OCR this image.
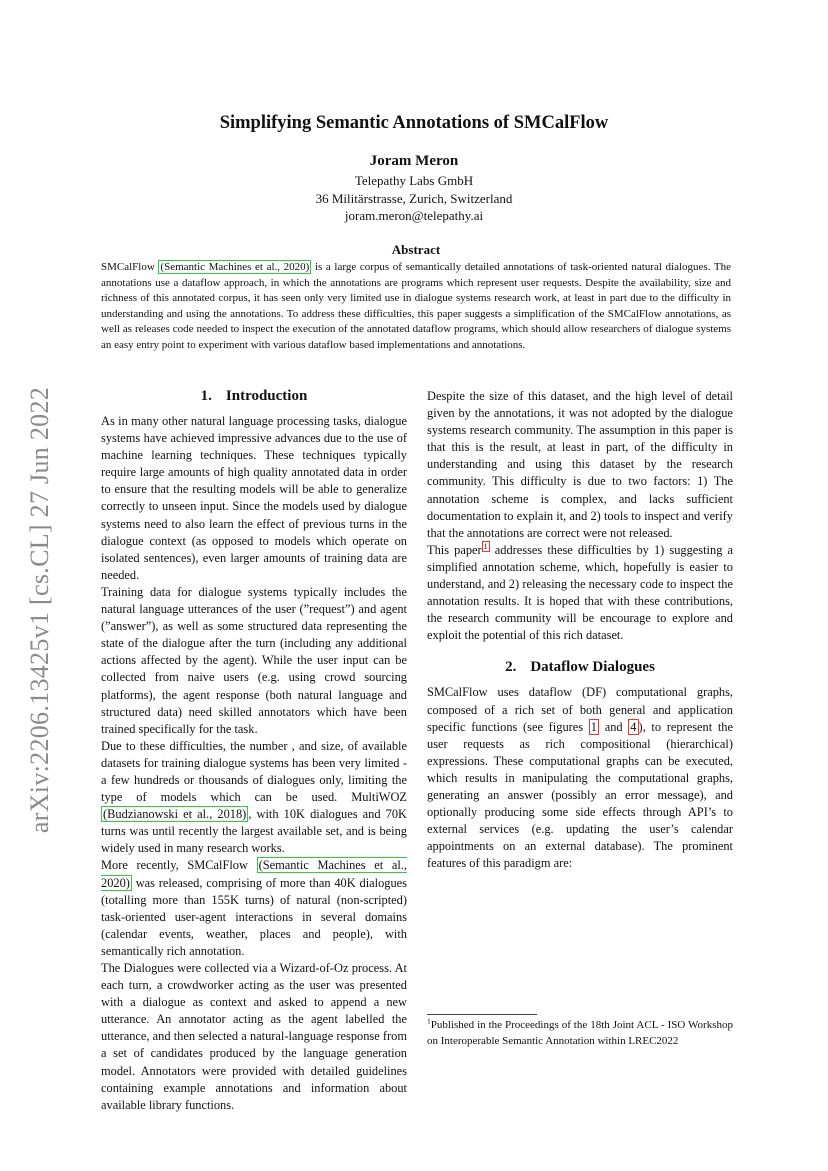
arXiv:2206.13425v1 [cs.CL] 27 Jun 2022
Simplifying Semantic Annotations of SMCalFlow
Joram Meron
Telepathy Labs GmbH
36 Militärstrasse, Zurich, Switzerland
joram.meron@telepathy.ai
Abstract

SMCalFlow (Semantic Machines et al., 2020) is a large corpus of semantically detailed annotations of task-oriented natural dialogues. The annotations use a dataflow approach, in which the annotations are programs which represent user requests. Despite the availability, size and richness of this annotated corpus, it has seen only very limited use in dialogue systems research work, at least in part due to the difficulty in understanding and using the annotations. To address these difficulties, this paper suggests a simplification of the SMCalFlow annotations, as well as releases code needed to inspect the execution of the annotated dataflow programs, which should allow researchers of dialogue systems an easy entry point to experiment with various dataflow based implementations and annotations.

1. Introduction

As in many other natural language processing tasks, dialogue systems have achieved impressive advances due to the use of machine learning techniques. These techniques typically require large amounts of high quality annotated data in order to ensure that the resulting models will be able to generalize correctly to unseen input. Since the models used by dialogue systems need to also learn the effect of previous turns in the dialogue context (as opposed to models which operate on isolated sentences), even larger amounts of training data are needed.

Training data for dialogue systems typically includes the natural language utterances of the user (”request”) and agent (”answer”), as well as some structured data representing the state of the dialogue after the turn (including any additional actions affected by the agent). While the user input can be collected from naive users (e.g. using crowd sourcing platforms), the agent response (both natural language and structured data) need skilled annotators which have been trained specifically for the task.

Due to these difficulties, the number , and size, of available datasets for training dialogue systems has been very limited - a few hundreds or thousands of dialogues only, limiting the type of models which can be used. MultiWOZ (Budzianowski et al., 2018) , with 10K dialogues and 70K turns was until recently the largest available set, and is being widely used in many research works.

More recently, SMCalFlow (Semantic Machines et al., 2020) was released, comprising of more than 40K dialogues (totalling more than 155K turns) of natural (non-scripted) task-oriented user-agent interactions in several domains (calendar events, weather, places and people), with semantically rich annotation.

The Dialogues were collected via a Wizard-of-Oz process. At each turn, a crowdworker acting as the user was presented with a dialogue as context and asked to append a new utterance. An annotator acting as the agent labelled the utterance, and then selected a natural-language response from a set of candidates produced by the language generation model. Annotators were provided with detailed guidelines containing example annotations and information about available library functions.

Despite the size of this dataset, and the high level of detail given by the annotations, it was not adopted by the dialogue systems research community. The assumption in this paper is that this is the result, at least in part, of the difficulty in understanding and using this dataset by the research community. This difficulty is due to two factors: 1) The annotation scheme is complex, and lacks sufficient documentation to explain it, and 2) tools to inspect and verify that the annotations are correct were not released.

This paper $^1$ addresses these difficulties by 1) suggesting a simplified annotation scheme, which, hopefully is easier to understand, and 2) releasing the necessary code to inspect the annotation results. It is hoped that with these contributions, the research community will be encourage to explore and exploit the potential of this rich dataset.

2. Dataflow Dialogues

SMCalFlow uses dataflow (DF) computational graphs, composed of a rich set of both general and application specific functions (see figures 1 and 4 ), to represent the user requests as rich compositional (hierarchical) expressions. These computational graphs can be executed, which results in manipulating the computational graphs, generating an answer (possibly an error message), and optionally producing some side effects through API’s to external services (e.g. updating the user’s calendar appointments on an external database). The prominent features of this paradigm are:

$^1$Published in the Proceedings of the 18th Joint ACL - ISO Workshop on Interoperable Semantic Annotation within LREC2022
